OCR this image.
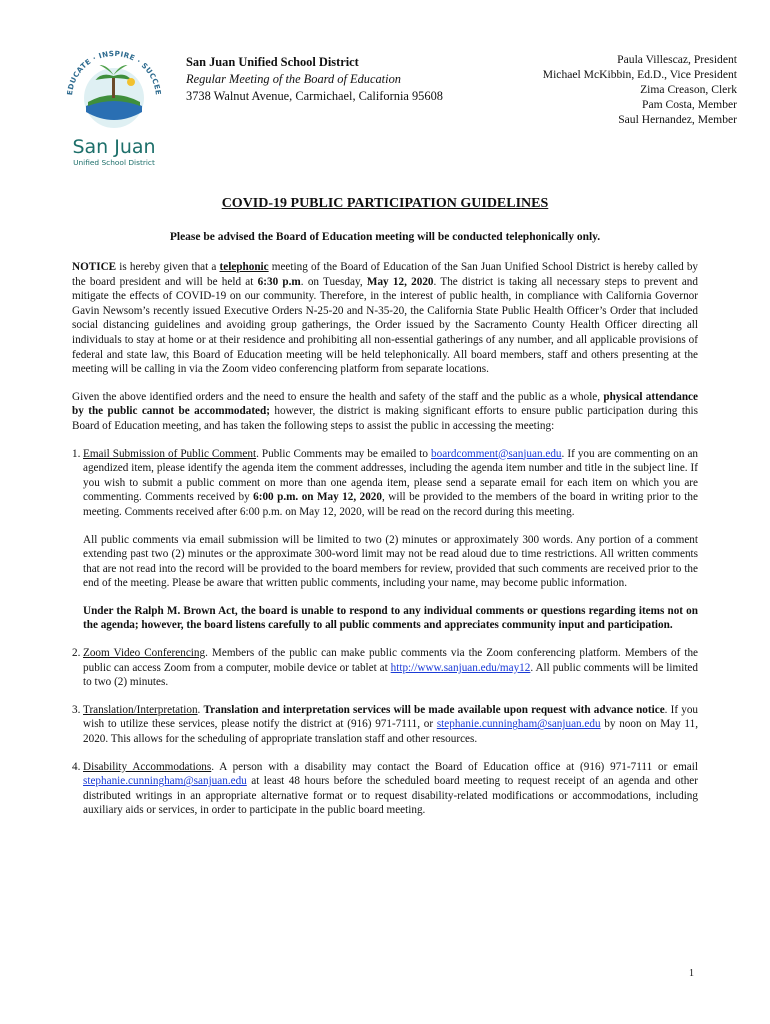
EDUCATE · INSPIRE · SUCCEE
San Juan
Unified School District
San Juan Unified School District
Regular Meeting of the Board of Education
3738 Walnut Avenue, Carmichael, California 95608
Paula Villescaz, President
Michael McKibbin, Ed.D., Vice President
Zima Creason, Clerk
Pam Costa, Member
Saul Hernandez, Member
COVID-19 PUBLIC PARTICIPATION GUIDELINES
Please be advised the Board of Education meeting will be conducted telephonically only.

NOTICE is hereby given that a telephonic meeting of the Board of Education of the San Juan Unified School District is hereby called by the board president and will be held at 6:30 p.m. on Tuesday, May 12, 2020. The district is taking all necessary steps to prevent and mitigate the effects of COVID-19 on our community. Therefore, in the interest of public health, in compliance with California Governor Gavin Newsom’s recently issued Executive Orders N-25-20 and N-35-20, the California State Public Health Officer’s Order that included social distancing guidelines and avoiding group gatherings, the Order issued by the Sacramento County Health Officer directing all individuals to stay at home or at their residence and prohibiting all non-essential gatherings of any number, and all applicable provisions of federal and state law, this Board of Education meeting will be held telephonically. All board members, staff and others presenting at the meeting will be calling in via the Zoom video conferencing platform from separate locations.

Given the above identified orders and the need to ensure the health and safety of the staff and the public as a whole, physical attendance by the public cannot be accommodated; however, the district is making significant efforts to ensure public participation during this Board of Education meeting, and has taken the following steps to assist the public in accessing the meeting:

1. Email Submission of Public Comment. Public Comments may be emailed to boardcomment@sanjuan.edu. If you are commenting on an agendized item, please identify the agenda item the comment addresses, including the agenda item number and title in the subject line. If you wish to submit a public comment on more than one agenda item, please send a separate email for each item on which you are commenting. Comments received by 6:00 p.m. on May 12, 2020, will be provided to the members of the board in writing prior to the meeting. Comments received after 6:00 p.m. on May 12, 2020, will be read on the record during this meeting.
All public comments via email submission will be limited to two (2) minutes or approximately 300 words. Any portion of a comment extending past two (2) minutes or the approximate 300-word limit may not be read aloud due to time restrictions. All written comments that are not read into the record will be provided to the board members for review, provided that such comments are received prior to the end of the meeting. Please be aware that written public comments, including your name, may become public information.
Under the Ralph M. Brown Act, the board is unable to respond to any individual comments or questions regarding items not on the agenda; however, the board listens carefully to all public comments and appreciates community input and participation.
2. Zoom Video Conferencing. Members of the public can make public comments via the Zoom conferencing platform. Members of the public can access Zoom from a computer, mobile device or tablet at http://www.sanjuan.edu/may12. All public comments will be limited to two (2) minutes.
3. Translation/Interpretation. Translation and interpretation services will be made available upon request with advance notice. If you wish to utilize these services, please notify the district at (916) 971-7111, or stephanie.cunningham@sanjuan.edu by noon on May 11, 2020. This allows for the scheduling of appropriate translation staff and other resources.
4. Disability Accommodations. A person with a disability may contact the Board of Education office at (916) 971-7111 or email stephanie.cunningham@sanjuan.edu at least 48 hours before the scheduled board meeting to request receipt of an agenda and other distributed writings in an appropriate alternative format or to request disability-related modifications or accommodations, including auxiliary aids or services, in order to participate in the public board meeting.
1
